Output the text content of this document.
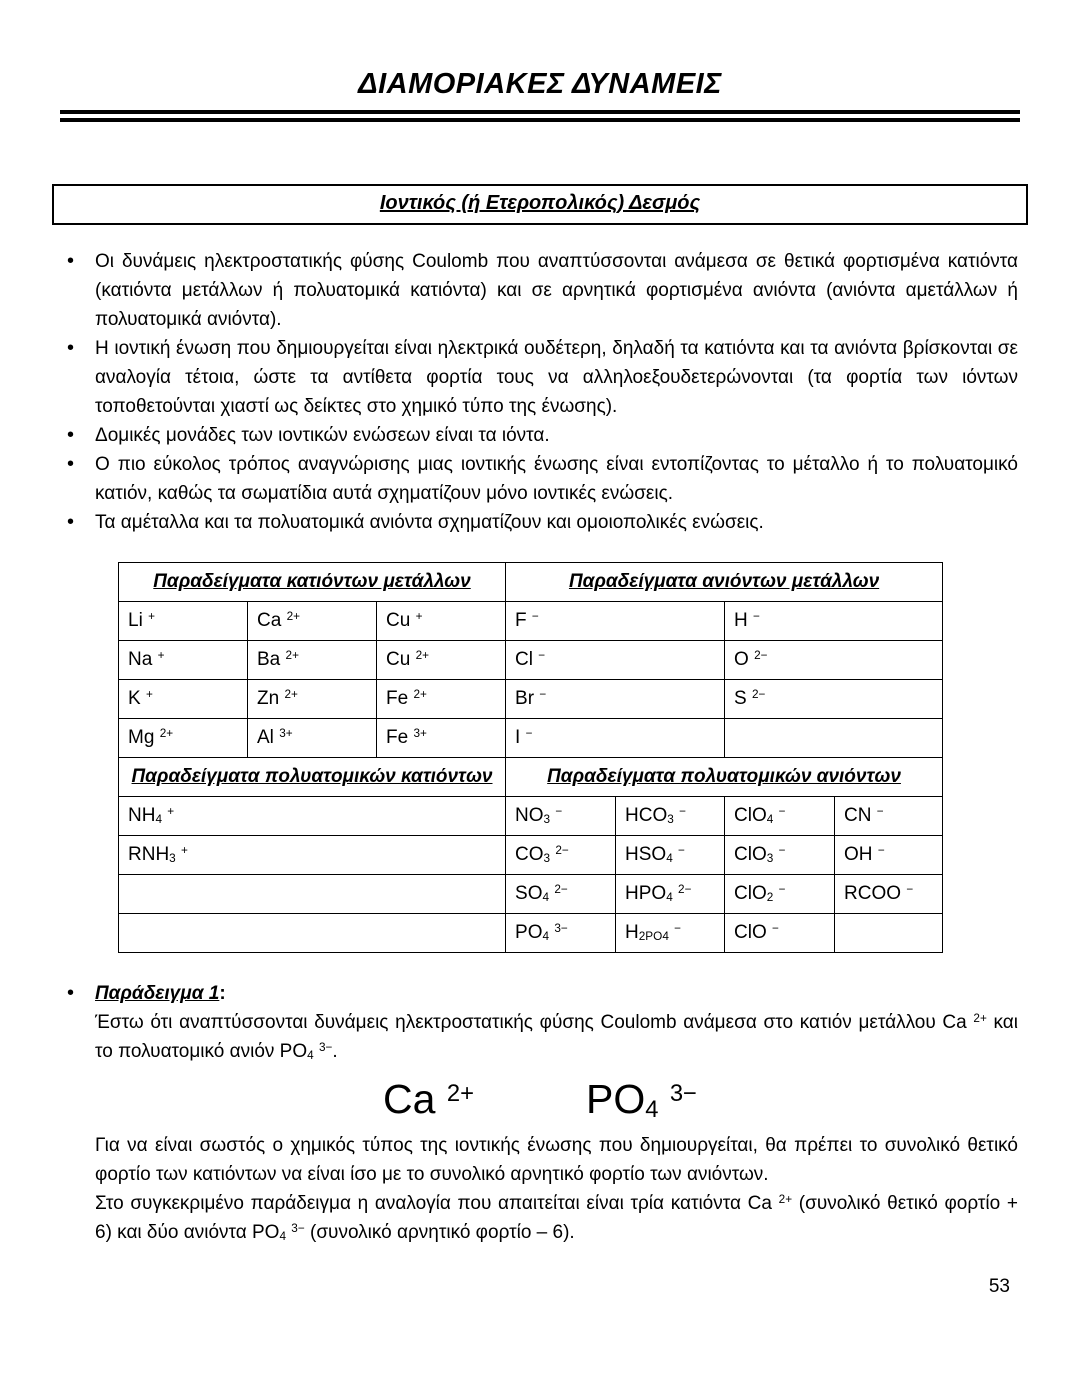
ΔΙΑΜΟΡΙΑΚΕΣ ΔΥΝΑΜΕΙΣ
Ιοντικός (ή Ετεροπολικός) Δεσμός
• Οι δυνάμεις ηλεκτροστατικής φύσης Coulomb που αναπτύσσονται ανάμεσα σε θετικά φορτισμένα κατιόντα (κατιόντα μετάλλων ή πολυατομικά κατιόντα) και σε αρνητικά φορτισμένα ανιόντα (ανιόντα αμετάλλων ή πολυατομικά ανιόντα).
• Η ιοντική ένωση που δημιουργείται είναι ηλεκτρικά ουδέτερη, δηλαδή τα κατιόντα και τα ανιόντα βρίσκονται σε αναλογία τέτοια, ώστε τα αντίθετα φορτία τους να αλληλοεξουδετερώνονται (τα φορτία των ιόντων τοποθετούνται χιαστί ως δείκτες στο χημικό τύπο της ένωσης).
• Δομικές μονάδες των ιοντικών ενώσεων είναι τα ιόντα.
• Ο πιο εύκολος τρόπος αναγνώρισης μιας ιοντικής ένωσης είναι εντοπίζοντας το μέταλλο ή το πολυατομικό κατιόν, καθώς τα σωματίδια αυτά σχηματίζουν μόνο ιοντικές ενώσεις.
• Τα αμέταλλα και τα πολυατομικά ανιόντα σχηματίζουν και ομοιοπολικές ενώσεις.
Παραδείγματα κατιόντων μετάλλων			Παραδείγματα ανιόντων μετάλλων			
Li +	Ca $^{2+}$	Cu +	F −		H −
Na +	Ba $^{2+}$	Cu $^{2+}$	Cl −		O $^{2-}$
K +	Zn $^{2+}$	Fe $^{2+}$	Br −		S $^{2-}$
Mg $^{2+}$	Al $^{3+}$	Fe $^{3+}$	I −	
Παραδείγματα πολυατομικών κατιόντων			Παραδείγματα πολυατομικών ανιόντων			
$NH_4$ +			$NO_3$ −	$HCO_3$ −	ClO$_4$ −	CN −
$RNH_3$ +			$CO_3$ $^{2-}$	$HSO_4$ −	ClO$_3$ −	OH −
			$SO_4$ $^{2-}$	$HPO_4$ $^{2-}$	ClO$_2$ −	RCOO −
			$PO_4$ $^{3-}$	$H_{2PO4}$ −	ClO −	
• Παράδειγμα 1:

Έστω ότι αναπτύσσονται δυνάμεις ηλεκτροστατικής φύσης Coulomb ανάμεσα στο κατιόν μετάλλου Ca $^{2+}$ και το πολυατομικό ανιόν $PO_4$ $^{3-}$.

Ca $^{2+}$	$PO_4$ $^{3-}$

Για να είναι σωστός ο χημικός τύπος της ιοντικής ένωσης που δημιουργείται, θα πρέπει το συνολικό θετικό φορτίο των κατιόντων να είναι ίσο με το συνολικό αρνητικό φορτίο των ανιόντων.

Στο συγκεκριμένο παράδειγμα η αναλογία που απαιτείται είναι τρία κατιόντα Ca $^{2+}$ (συνολικό θετικό φορτίο + 6) και δύο ανιόντα $PO_4$ $^{3-}$ (συνολικό αρνητικό φορτίο – 6).

53
